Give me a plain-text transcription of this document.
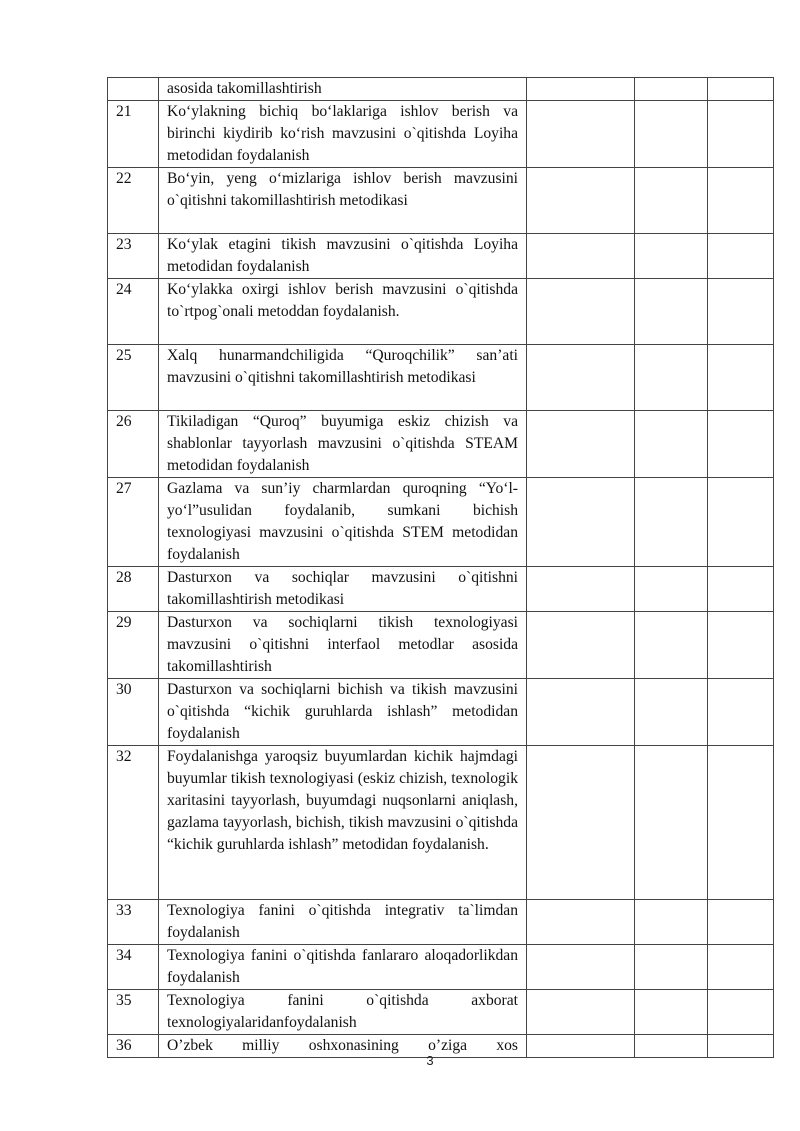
	asosida takomillashtirish			

21	Ko‘ylakning bichiq bo‘laklariga ishlov berish va birinchi kiydirib ko‘rish mavzusini o`qitishda Loyiha metodidan foydalanish			

22	Bo‘yin, yeng o‘mizlariga ishlov berish mavzusini o`qitishni takomillashtirish metodikasi			

23	Ko‘ylak etagini tikish mavzusini o`qitishda Loyiha metodidan foydalanish			

24	Ko‘ylakka oxirgi ishlov berish mavzusini o`qitishda to`rtpog`onali metoddan foydalanish.			

25	Xalq hunarmandchiligida “Quroqchilik” san’ati mavzusini o`qitishni takomillashtirish metodikasi			

26	Tikiladigan “Quroq” buyumiga eskiz chizish va shablonlar tayyorlash mavzusini o`qitishda STEAM metodidan foydalanish			

27	Gazlama va sun’iy charmlardan quroqning “Yo‘l-yo‘l”usulidan foydalanib, sumkani bichish texnologiyasi mavzusini o`qitishda STEM metodidan foydalanish			

28	Dasturxon va sochiqlar mavzusini o`qitishni takomillashtirish metodikasi			

29	Dasturxon va sochiqlarni tikish texnologiyasi mavzusini o`qitishni interfaol metodlar asosida takomillashtirish			

30	Dasturxon va sochiqlarni bichish va tikish mavzusini o`qitishda “kichik guruhlarda ishlash” metodidan foydalanish			

32	Foydalanishga yaroqsiz buyumlardan kichik hajmdagi buyumlar tikish texnologiyasi (eskiz chizish, texnologik xaritasini tayyorlash, buyumdagi nuqsonlarni aniqlash, gazlama tayyorlash, bichish, tikish mavzusini o`qitishda “kichik guruhlarda ishlash” metodidan foydalanish.			

33	Texnologiya fanini o`qitishda integrativ ta`limdan foydalanish			

34	Texnologiya fanini o`qitishda fanlararo aloqadorlikdan foydalanish			

35	Texnologiya fanini o`qitishda axborat texnologiyalaridanfoydalanish			

36	O’zbek milliy oshxonasining o’ziga xos			

3
